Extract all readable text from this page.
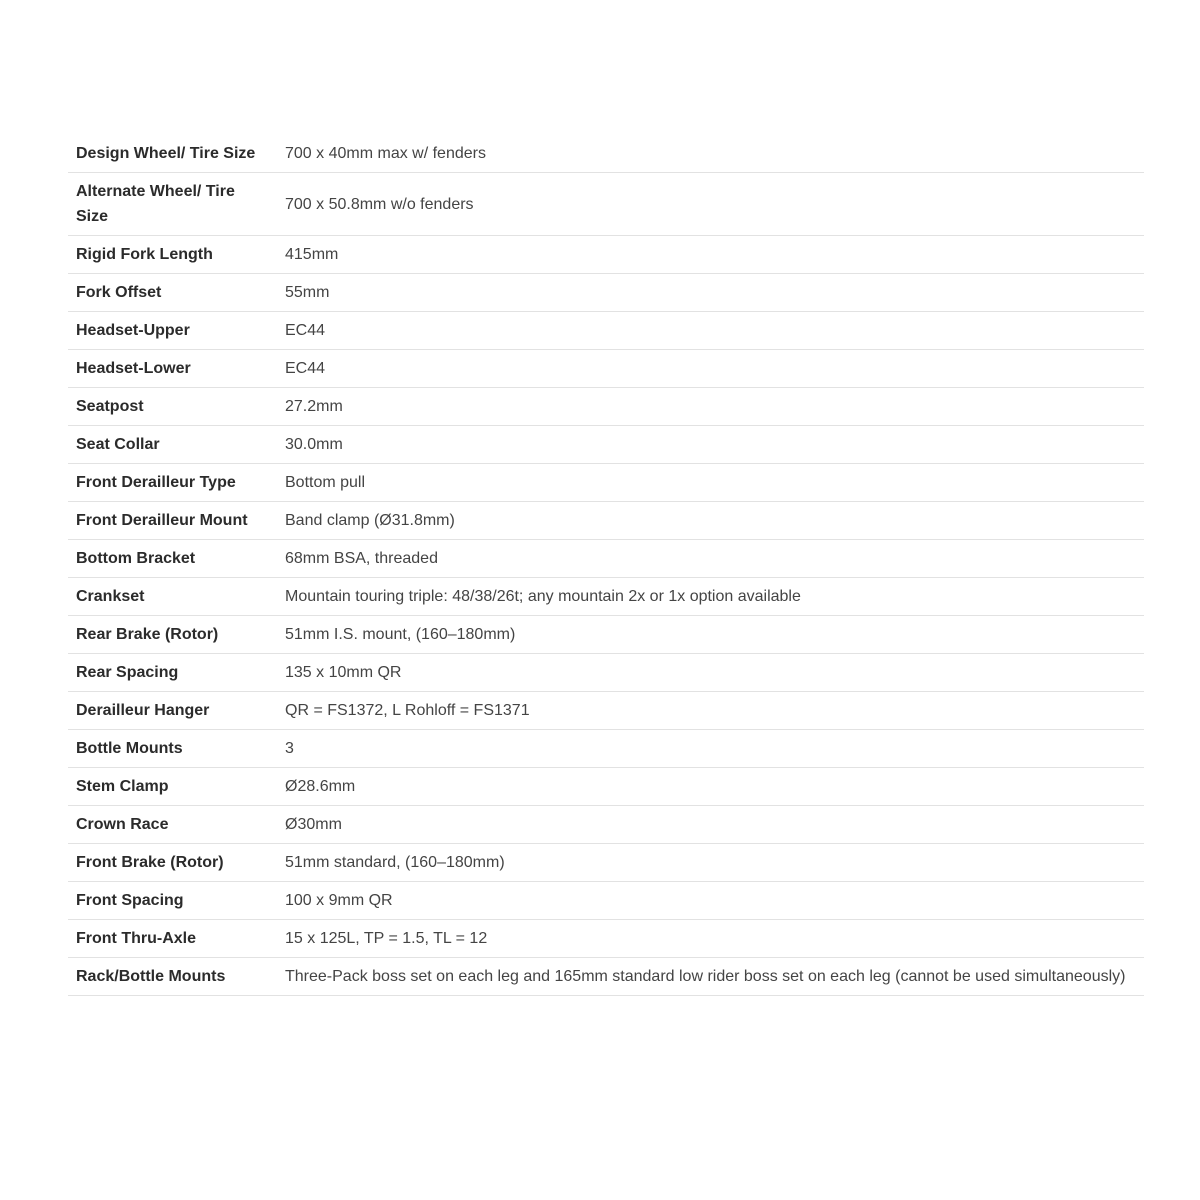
Design Wheel/ Tire Size	700 x 40mm max w/ fenders
Alternate Wheel/ Tire Size	700 x 50.8mm w/o fenders
Rigid Fork Length	415mm
Fork Offset	55mm
Headset-Upper	EC44
Headset-Lower	EC44
Seatpost	27.2mm
Seat Collar	30.0mm
Front Derailleur Type	Bottom pull
Front Derailleur Mount	Band clamp (Ø31.8mm)
Bottom Bracket	68mm BSA, threaded
Crankset	Mountain touring triple: 48/38/26t; any mountain 2x or 1x option available
Rear Brake (Rotor)	51mm I.S. mount, (160–180mm)
Rear Spacing	135 x 10mm QR
Derailleur Hanger	QR = FS1372, L Rohloff = FS1371
Bottle Mounts	3
Stem Clamp	Ø28.6mm
Crown Race	Ø30mm
Front Brake (Rotor)	51mm standard, (160–180mm)
Front Spacing	100 x 9mm QR
Front Thru-Axle	15 x 125L, TP = 1.5, TL = 12
Rack/Bottle Mounts	Three-Pack boss set on each leg and 165mm standard low rider boss set on each leg (cannot be used simultaneously)
